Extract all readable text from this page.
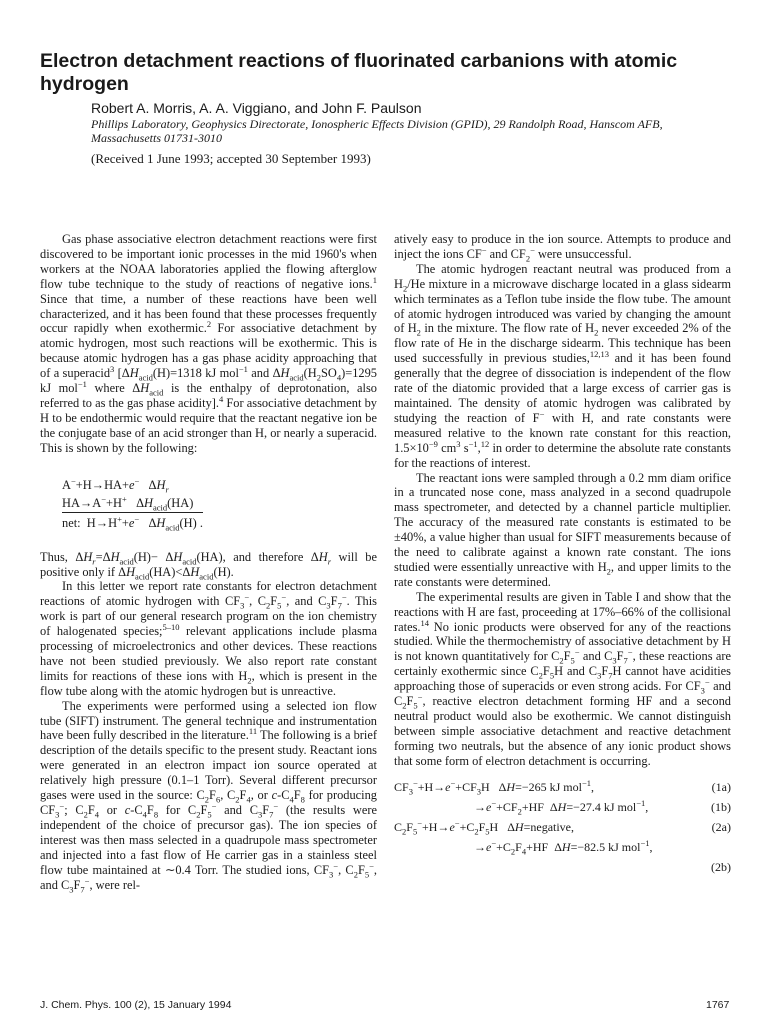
Electron detachment reactions of fluorinated carbanions with atomic hydrogen
Robert A. Morris, A. A. Viggiano, and John F. Paulson
Phillips Laboratory, Geophysics Directorate, Ionospheric Effects Division (GPID), 29 Randolph Road, Hanscom AFB, Massachusetts 01731-3010
(Received 1 June 1993; accepted 30 September 1993)

Gas phase associative electron detachment reactions were first discovered to be important ionic processes in the mid 1960's when workers at the NOAA laboratories applied the flowing afterglow flow tube technique to the study of reactions of negative ions.$^1$ Since that time, a number of these reactions have been well characterized, and it has been found that these processes frequently occur rapidly when exothermic.$^2$ For associative detachment by atomic hydrogen, most such reactions will be exothermic. This is because atomic hydrogen has a gas phase acidity approaching that of a superacid$^3$ [$\Delta H_{acid}(H)=1318$ kJ mol$^{-1}$ and $\Delta H_{acid}(H_2SO_4)=1295$ kJ mol$^{-1}$ where $\Delta H_{acid}$ is the enthalpy of deprotonation, also referred to as the gas phase acidity].$^4$ For associative detachment by H to be endothermic would require that the reactant negative ion be the conjugate base of an acid stronger than H, or nearly a superacid. This is shown by the following:

A−+H→HA+e−   $\Delta H_r$
HA→A−+H+   $\Delta H_{acid}(HA)$
net:  H→H++e−   $\Delta H_{acid}(H)$ .

Thus, $\Delta H_r=\Delta H_{acid}(H)- \Delta H_{acid}(HA)$, and therefore $\Delta H_r$ will be positive only if $\Delta H_{acid}(HA)<\Delta H_{acid}(H)$.

In this letter we report rate constants for electron detachment reactions of atomic hydrogen with $CF_3^-$, $C_2F_5^-$, and $C_3F_7^-$. This work is part of our general research program on the ion chemistry of halogenated species;$^{5-10}$ relevant applications include plasma processing of microelectronics and other devices. These reactions have not been studied previously. We also report rate constant limits for reactions of these ions with $H_2$, which is present in the flow tube along with the atomic hydrogen but is unreactive.

The experiments were performed using a selected ion flow tube (SIFT) instrument. The general technique and instrumentation have been fully described in the literature.$^{11}$ The following is a brief description of the details specific to the present study. Reactant ions were generated in an electron impact ion source operated at relatively high pressure (0.1–1 Torr). Several different precursor gases were used in the source: $C_2F_6$, $C_2F_4$, or $c-C_4F_8$ for producing $CF_3^-$; $C_2F_4$ or $c-C_4F_8$ for $C_2F_5^-$ and $C_3F_7^-$ (the results were independent of the choice of precursor gas). The ion species of interest was then mass selected in a quadrupole mass spectrometer and injected into a fast flow of He carrier gas in a stainless steel flow tube maintained at ∼0.4 Torr. The studied ions, $CF_3^-$, $C_2F_5^-$, and $C_3F_7^-$, were rel-

atively easy to produce in the ion source. Attempts to produce and inject the ions CF− and $CF_2^-$ were unsuccessful.

The atomic hydrogen reactant neutral was produced from a $H_2/He$ mixture in a microwave discharge located in a glass sidearm which terminates as a Teflon tube inside the flow tube. The amount of atomic hydrogen introduced was varied by changing the amount of $H_2$ in the mixture. The flow rate of $H_2$ never exceeded 2% of the flow rate of He in the discharge sidearm. This technique has been used successfully in previous studies,$^{12,13}$ and it has been found generally that the degree of dissociation is independent of the flow rate of the diatomic provided that a large excess of carrier gas is maintained. The density of atomic hydrogen was calibrated by studying the reaction of F− with H, and rate constants were measured relative to the known rate constant for this reaction, $1.5\times 10^{-9}$ $cm^3$ $s^{-1},^{12}$ in order to determine the absolute rate constants for the reactions of interest.

The reactant ions were sampled through a 0.2 mm diam orifice in a truncated nose cone, mass analyzed in a second quadrupole mass spectrometer, and detected by a channel particle multiplier. The accuracy of the measured rate constants is estimated to be ±40%, a value higher than usual for SIFT measurements because of the need to calibrate against a known rate constant. The ions studied were essentially unreactive with $H_2$, and upper limits to the rate constants were determined.

The experimental results are given in Table I and show that the reactions with H are fast, proceeding at 17%–66% of the collisional rates.$^{14}$ No ionic products were observed for any of the reactions studied. While the thermochemistry of associative detachment by H is not known quantitatively for $C_2F_5^-$ and $C_3F_7^-$, these reactions are certainly exothermic since $C_2F_5H$ and $C_3F_7H$ cannot have acidities approaching those of superacids or even strong acids. For $CF_3^-$ and $C_2F_5^-$, reactive electron detachment forming HF and a second neutral product would also be exothermic. We cannot distinguish between simple associative detachment and reactive detachment forming two neutrals, but the absence of any ionic product shows that some form of electron detachment is occurring.

$CF_3^-+H\to e^-+CF_3H$   ΔH=−265 kJ mol$^{-1}$,	(1a)
$\to e^-+CF_2+HF$  ΔH=−27.4 kJ mol$^{-1}$,	(1b)
$C_2F_5^-+H\to e^-+C_2F_5H$   ΔH=negative,	(2a)
$\to e^-+C_2F_4+HF$  ΔH=−82.5 kJ mol$^{-1}$,
(2b)
J. Chem. Phys. 100 (2), 15 January 1994	1767
